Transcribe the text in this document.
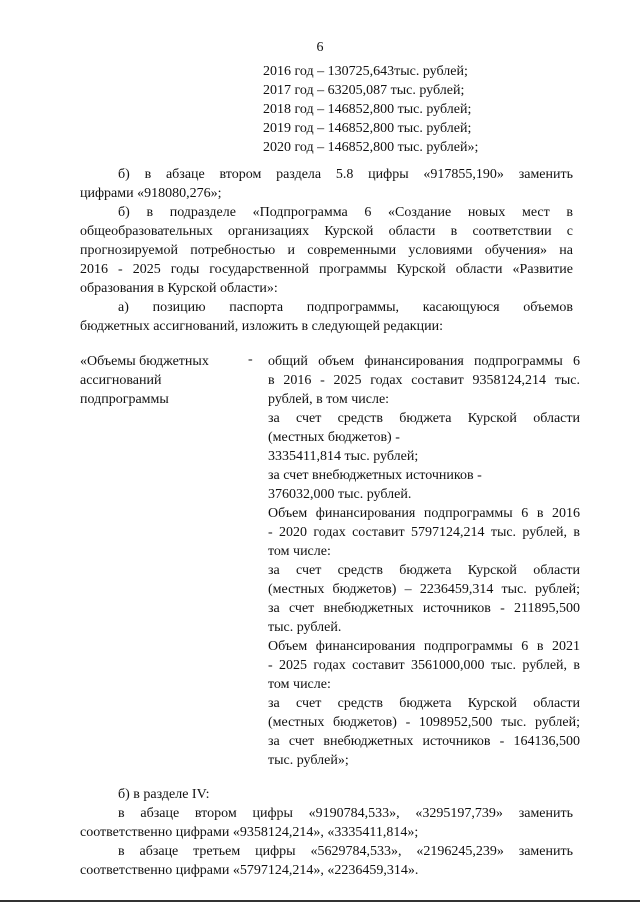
6
2016 год – 130725,643тыс. рублей;
2017 год – 63205,087 тыс. рублей;
2018 год – 146852,800 тыс. рублей;
2019 год – 146852,800 тыс. рублей;
2020 год – 146852,800 тыс. рублей»;
б) в абзаце втором раздела 5.8 цифры «917855,190» заменить
цифрами «918080,276»;
б) в подразделе «Подпрограмма 6 «Создание новых мест в
общеобразовательных организациях Курской области в соответствии с
прогнозируемой потребностью и современными условиями обучения» на
2016 - 2025 годы государственной программы Курской области «Развитие
образования в Курской области»:
а) позицию паспорта подпрограммы, касающуюся объемов
бюджетных ассигнований, изложить в следующей редакции:
«Объемы бюджетных
ассигнований
подпрограммы
- общий объем финансирования подпрограммы 6
в 2016 - 2025 годах составит 9358124,214 тыс.
рублей, в том числе:
за счет средств бюджета Курской области
(местных бюджетов) -
3335411,814 тыс. рублей;
за счет внебюджетных источников -
376032,000 тыс. рублей.
Объем финансирования подпрограммы 6 в 2016
- 2020 годах составит 5797124,214 тыс. рублей, в
том числе:
за счет средств бюджета Курской области
(местных бюджетов) – 2236459,314 тыс. рублей;
за счет внебюджетных источников - 211895,500
тыс. рублей.
Объем финансирования подпрограммы 6 в 2021
- 2025 годах составит 3561000,000 тыс. рублей, в
том числе:
за счет средств бюджета Курской области
(местных бюджетов) - 1098952,500 тыс. рублей;
за счет внебюджетных источников - 164136,500
тыс. рублей»;
б) в разделе IV:
в абзаце втором цифры «9190784,533», «3295197,739» заменить
соответственно цифрами «9358124,214», «3335411,814»;
в абзаце третьем цифры «5629784,533», «2196245,239» заменить
соответственно цифрами «5797124,214», «2236459,314».
